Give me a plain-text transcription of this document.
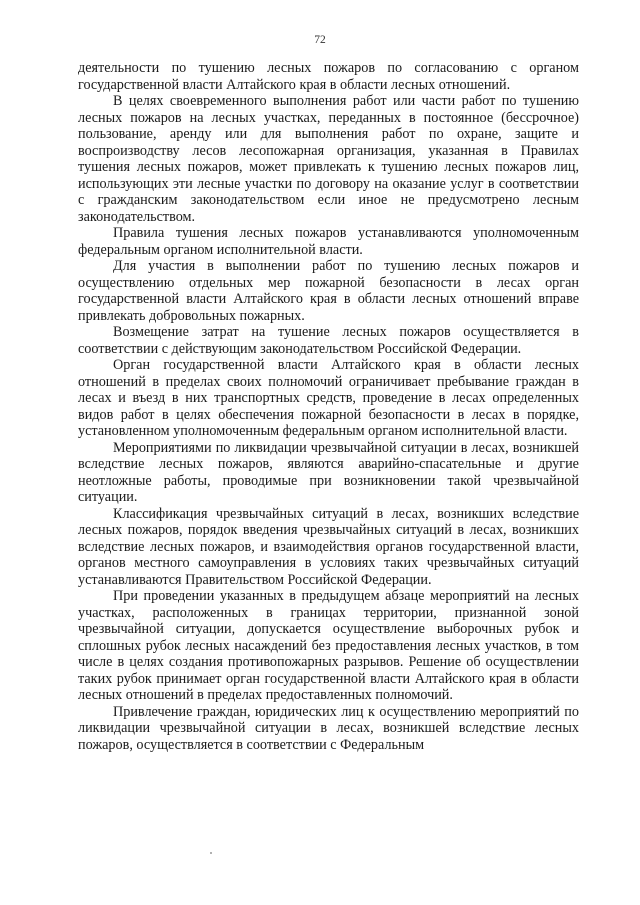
72

деятельности по тушению лесных пожаров по согласованию с органом государственной власти Алтайского края в области лесных отношений.

В целях своевременного выполнения работ или части работ по тушению лесных пожаров на лесных участках, переданных в постоянное (бессрочное) пользование, аренду или для выполнения работ по охране, защите и воспроизводству лесов лесопожарная организация, указанная в Правилах тушения лесных пожаров, может привлекать к тушению лесных пожаров лиц, использующих эти лесные участки по договору на оказание услуг в соответствии с гражданским законодательством если иное не предусмотрено лесным законодательством.

Правила тушения лесных пожаров устанавливаются уполномоченным федеральным органом исполнительной власти.

Для участия в выполнении работ по тушению лесных пожаров и осуществлению отдельных мер пожарной безопасности в лесах орган государственной власти Алтайского края в области лесных отношений вправе привлекать добровольных пожарных.

Возмещение затрат на тушение лесных пожаров осуществляется в соответствии с действующим законодательством Российской Федерации.

Орган государственной власти Алтайского края в области лесных отношений в пределах своих полномочий ограничивает пребывание граждан в лесах и въезд в них транспортных средств, проведение в лесах определенных видов работ в целях обеспечения пожарной безопасности в лесах в порядке, установленном уполномоченным федеральным органом исполнительной власти.

Мероприятиями по ликвидации чрезвычайной ситуации в лесах, возникшей вследствие лесных пожаров, являются аварийно-спасательные и другие неотложные работы, проводимые при возникновении такой чрезвычайной ситуации.

Классификация чрезвычайных ситуаций в лесах, возникших вследствие лесных пожаров, порядок введения чрезвычайных ситуаций в лесах, возникших вследствие лесных пожаров, и взаимодействия органов государственной власти, органов местного самоуправления в условиях таких чрезвычайных ситуаций устанавливаются Правительством Российской Федерации.

При проведении указанных в предыдущем абзаце мероприятий на лесных участках, расположенных в границах территории, признанной зоной чрезвычайной ситуации, допускается осуществление выборочных рубок и сплошных рубок лесных насаждений без предоставления лесных участков, в том числе в целях создания противопожарных разрывов. Решение об осуществлении таких рубок принимает орган государственной власти Алтайского края в области лесных отношений в пределах предоставленных полномочий.

Привлечение граждан, юридических лиц к осуществлению мероприятий по ликвидации чрезвычайной ситуации в лесах, возникшей вследствие лесных пожаров, осуществляется в соответствии с Федеральным
